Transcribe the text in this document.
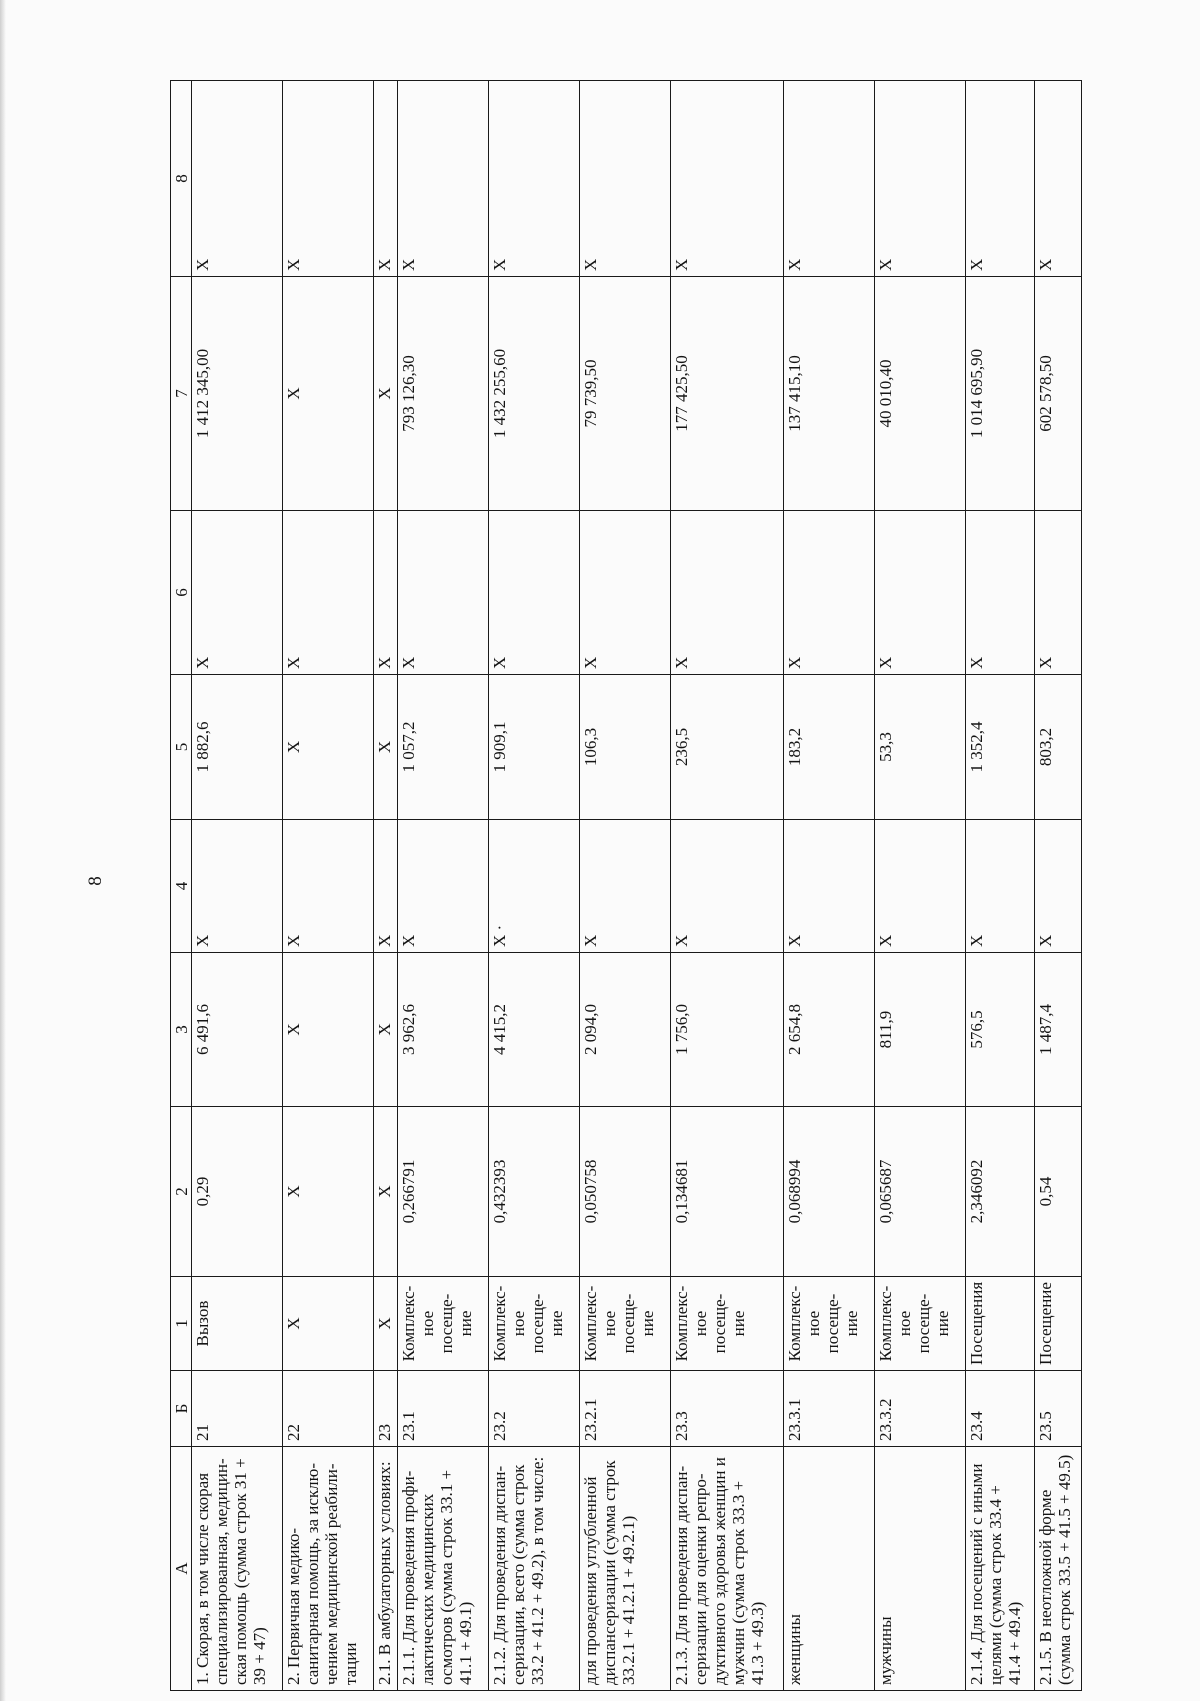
8
А	Б	1	2	3	4	5	6	7	8
1. Скорая, в том числе скорая специализированная, медицин-ская помощь (сумма строк 31 + 39 + 47)	21	Вызов	0,29	6 491,6	Х	1 882,6	Х	1 412 345,00	Х
2. Первичная медико-санитарная помощь, за исклю-чением медицинской реабили-тации	22	Х	Х	Х	Х	Х	Х	Х	Х
2.1. В амбулаторных условиях:	23	Х	Х	Х	Х	Х	Х	Х	Х
2.1.1. Для проведения профи-лактических медицинских осмотров (сумма строк 33.1 + 41.1 + 49.1)	23.1	Комплекс-ное посеще-ние	0,266791	3 962,6	Х	1 057,2	Х	793 126,30	Х
2.1.2. Для проведения диспан-серизации, всего (сумма строк 33.2 + 41.2 + 49.2), в том числе:	23.2	Комплекс-ное посеще-ние	0,432393	4 415,2	Х ·	1 909,1	Х	1 432 255,60	Х
для проведения углубленной диспансеризации (сумма строк 33.2.1 + 41.2.1 + 49.2.1)	23.2.1	Комплекс-ное посеще-ние	0,050758	2 094,0	Х	106,3	Х	79 739,50	Х
2.1.3. Для проведения диспан-серизации для оценки репро-дуктивного здоровья женщин и мужчин (сумма строк 33.3 + 41.3 + 49.3)	23.3	Комплекс-ное посеще-ние	0,134681	1 756,0	Х	236,5	Х	177 425,50	Х
женщины	23.3.1	Комплекс-ное посеще-ние	0,068994	2 654,8	Х	183,2	Х	137 415,10	Х
мужчины	23.3.2	Комплекс-ное посеще-ние	0,065687	811,9	Х	53,3	Х	40 010,40	Х
2.1.4. Для посещений с иными целями (сумма строк 33.4 + 41.4 + 49.4)	23.4	Посещения	2,346092	576,5	Х	1 352,4	Х	1 014 695,90	Х
2.1.5. В неотложной форме (сумма строк 33.5 + 41.5 + 49.5)	23.5	Посещение	0,54	1 487,4	Х	803,2	Х	602 578,50	Х
